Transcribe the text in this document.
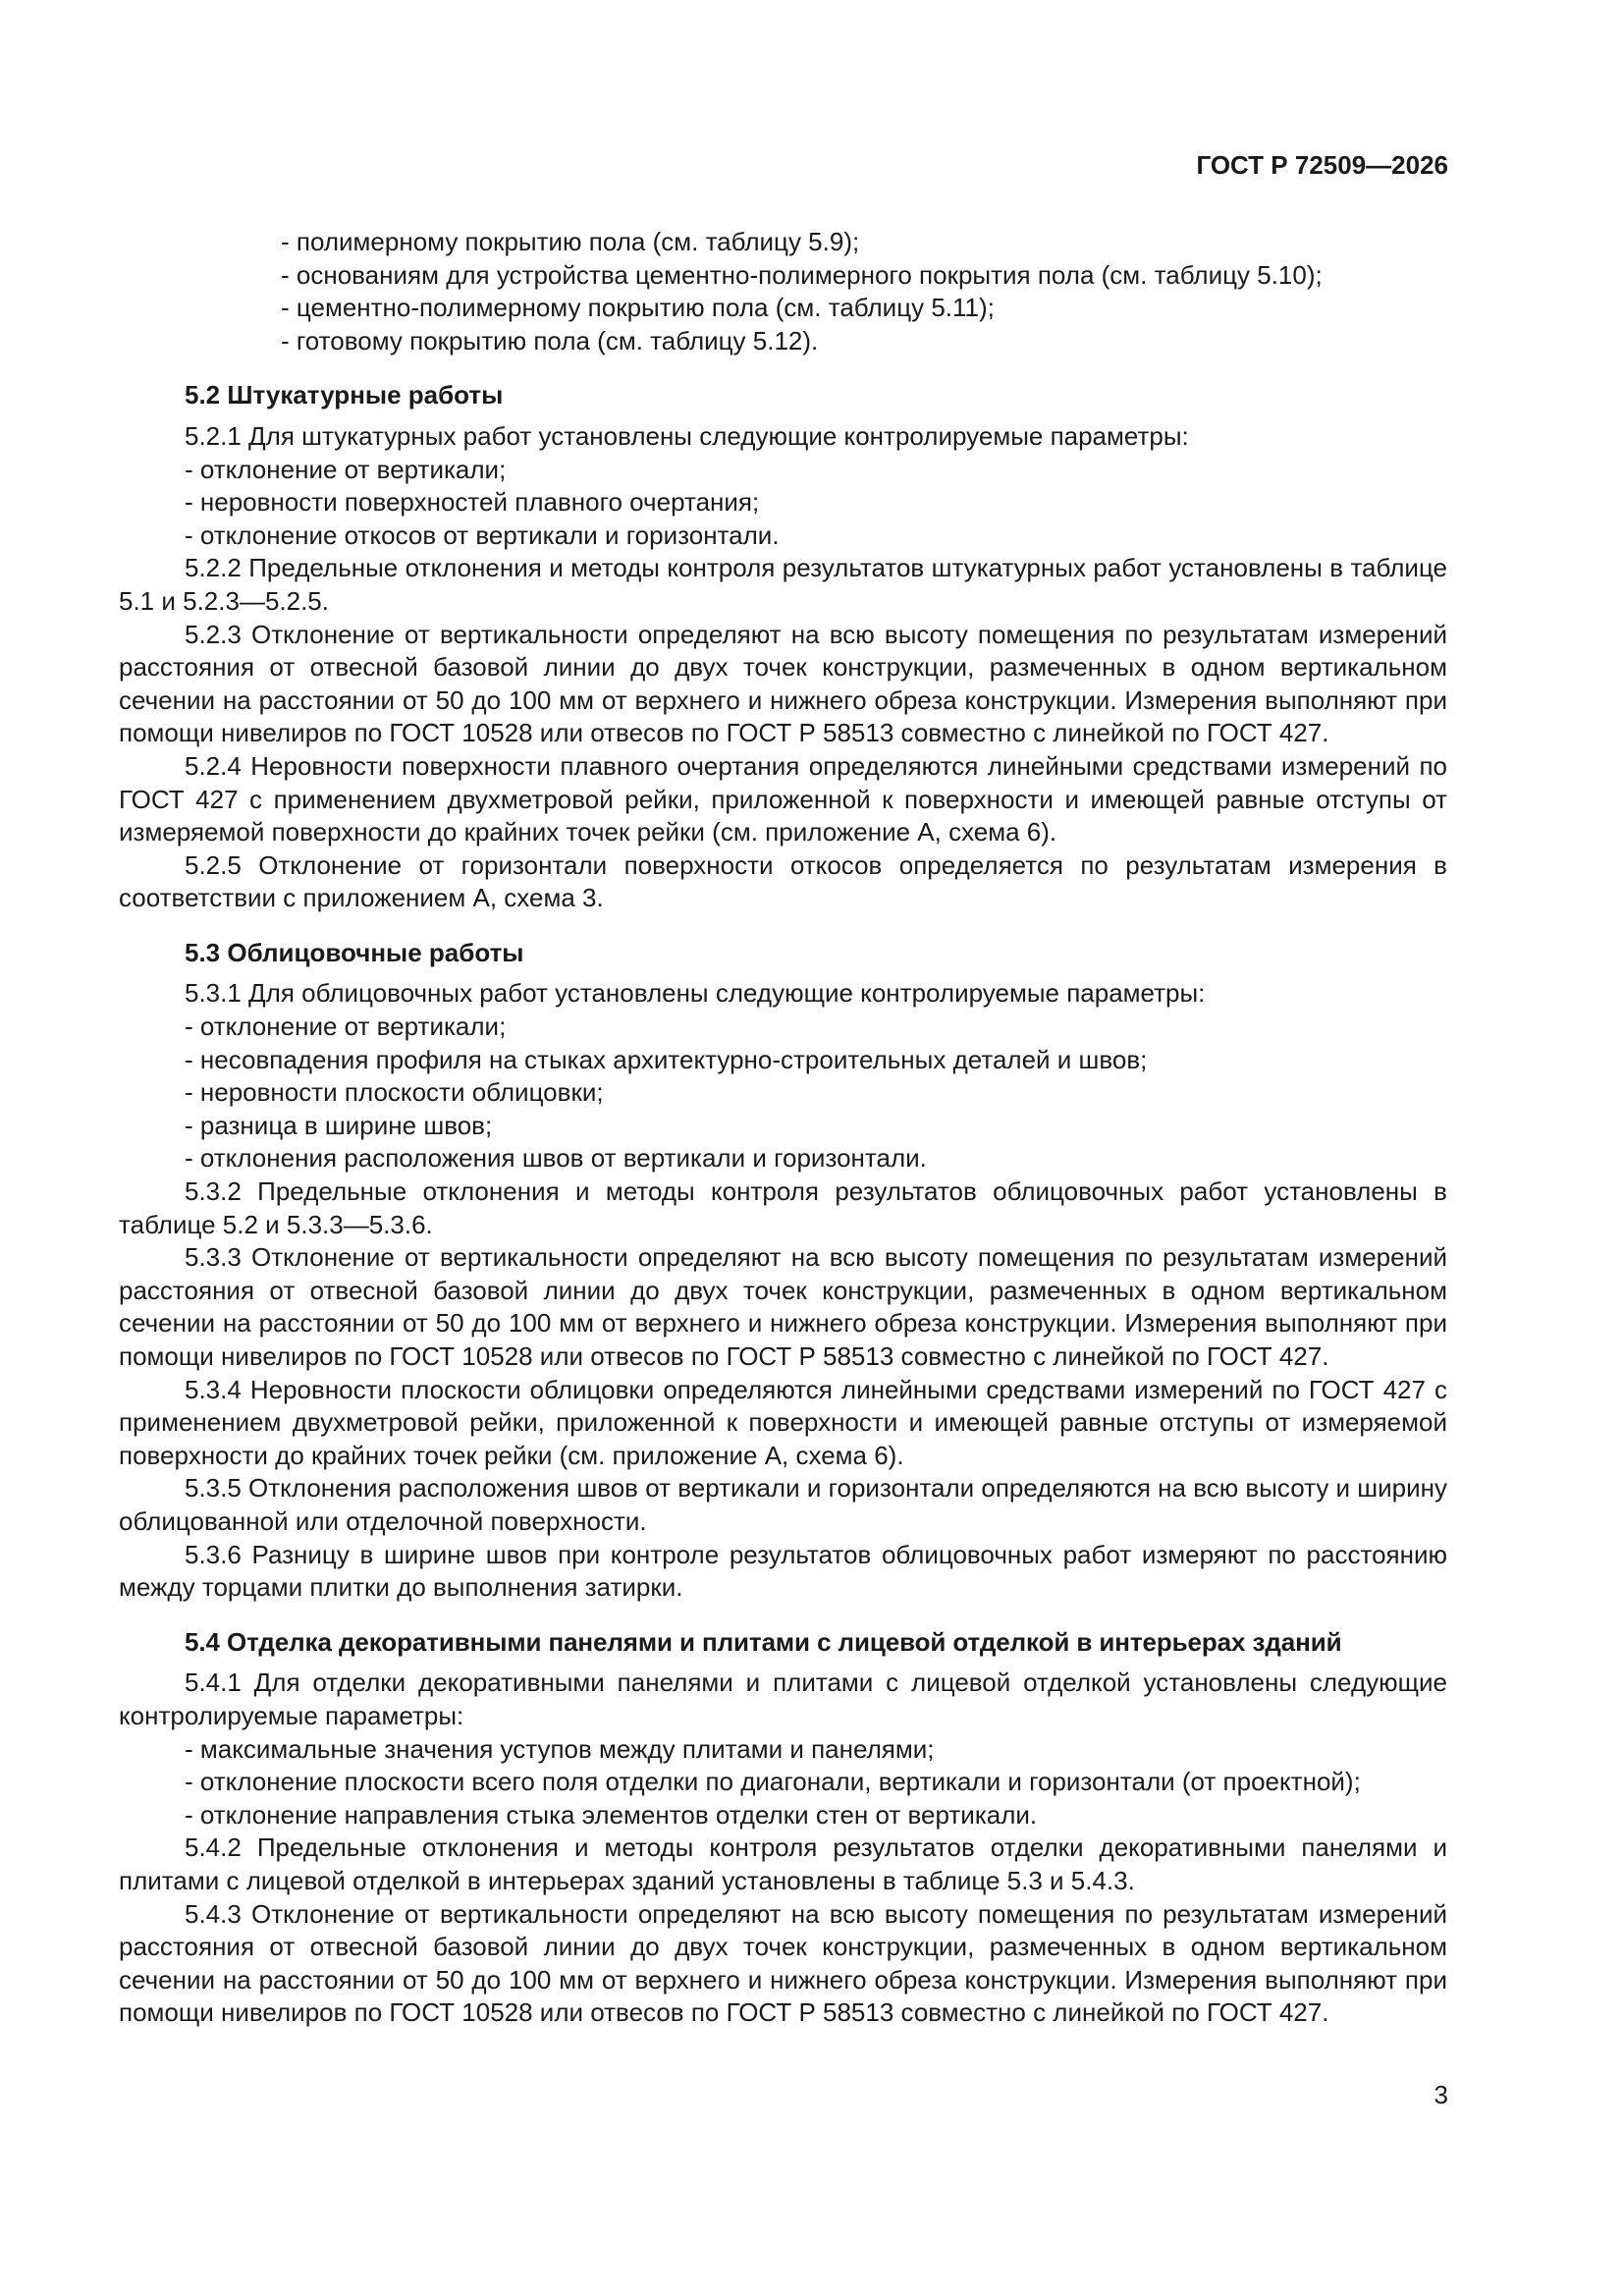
ГОСТ Р 72509—2026
- полимерному покрытию пола (см. таблицу 5.9);
- основаниям для устройства цементно-полимерного покрытия пола (см. таблицу 5.10);
- цементно-полимерному покрытию пола (см. таблицу 5.11);
- готовому покрытию пола (см. таблицу 5.12).
5.2 Штукатурные работы

5.2.1 Для штукатурных работ установлены следующие контролируемые параметры:

- отклонение от вертикали;
- неровности поверхностей плавного очертания;
- отклонение откосов от вертикали и горизонтали.

5.2.2 Предельные отклонения и методы контроля результатов штукатурных работ установлены в таблице 5.1 и 5.2.3—5.2.5.

5.2.3 Отклонение от вертикальности определяют на всю высоту помещения по результатам измерений расстояния от отвесной базовой линии до двух точек конструкции, размеченных в одном вертикальном сечении на расстоянии от 50 до 100 мм от верхнего и нижнего обреза конструкции. Измерения выполняют при помощи нивелиров по ГОСТ 10528 или отвесов по ГОСТ Р 58513 совместно с линейкой по ГОСТ 427.

5.2.4 Неровности поверхности плавного очертания определяются линейными средствами измерений по ГОСТ 427 с применением двухметровой рейки, приложенной к поверхности и имеющей равные отступы от измеряемой поверхности до крайних точек рейки (см. приложение А, схема 6).

5.2.5 Отклонение от горизонтали поверхности откосов определяется по результатам измерения в соответствии с приложением А, схема 3.

5.3 Облицовочные работы

5.3.1 Для облицовочных работ установлены следующие контролируемые параметры:

- отклонение от вертикали;
- несовпадения профиля на стыках архитектурно-строительных деталей и швов;
- неровности плоскости облицовки;
- разница в ширине швов;
- отклонения расположения швов от вертикали и горизонтали.

5.3.2 Предельные отклонения и методы контроля результатов облицовочных работ установлены в таблице 5.2 и 5.3.3—5.3.6.

5.3.3 Отклонение от вертикальности определяют на всю высоту помещения по результатам измерений расстояния от отвесной базовой линии до двух точек конструкции, размеченных в одном вертикальном сечении на расстоянии от 50 до 100 мм от верхнего и нижнего обреза конструкции. Измерения выполняют при помощи нивелиров по ГОСТ 10528 или отвесов по ГОСТ Р 58513 совместно с линейкой по ГОСТ 427.

5.3.4 Неровности плоскости облицовки определяются линейными средствами измерений по ГОСТ 427 с применением двухметровой рейки, приложенной к поверхности и имеющей равные отступы от измеряемой поверхности до крайних точек рейки (см. приложение А, схема 6).

5.3.5 Отклонения расположения швов от вертикали и горизонтали определяются на всю высоту и ширину облицованной или отделочной поверхности.

5.3.6 Разницу в ширине швов при контроле результатов облицовочных работ измеряют по расстоянию между торцами плитки до выполнения затирки.

5.4 Отделка декоративными панелями и плитами с лицевой отделкой в интерьерах зданий

5.4.1 Для отделки декоративными панелями и плитами с лицевой отделкой установлены следующие контролируемые параметры:

- максимальные значения уступов между плитами и панелями;
- отклонение плоскости всего поля отделки по диагонали, вертикали и горизонтали (от проектной);
- отклонение направления стыка элементов отделки стен от вертикали.

5.4.2 Предельные отклонения и методы контроля результатов отделки декоративными панелями и плитами с лицевой отделкой в интерьерах зданий установлены в таблице 5.3 и 5.4.3.

5.4.3 Отклонение от вертикальности определяют на всю высоту помещения по результатам измерений расстояния от отвесной базовой линии до двух точек конструкции, размеченных в одном вертикальном сечении на расстоянии от 50 до 100 мм от верхнего и нижнего обреза конструкции. Измерения выполняют при помощи нивелиров по ГОСТ 10528 или отвесов по ГОСТ Р 58513 совместно с линейкой по ГОСТ 427.

3
